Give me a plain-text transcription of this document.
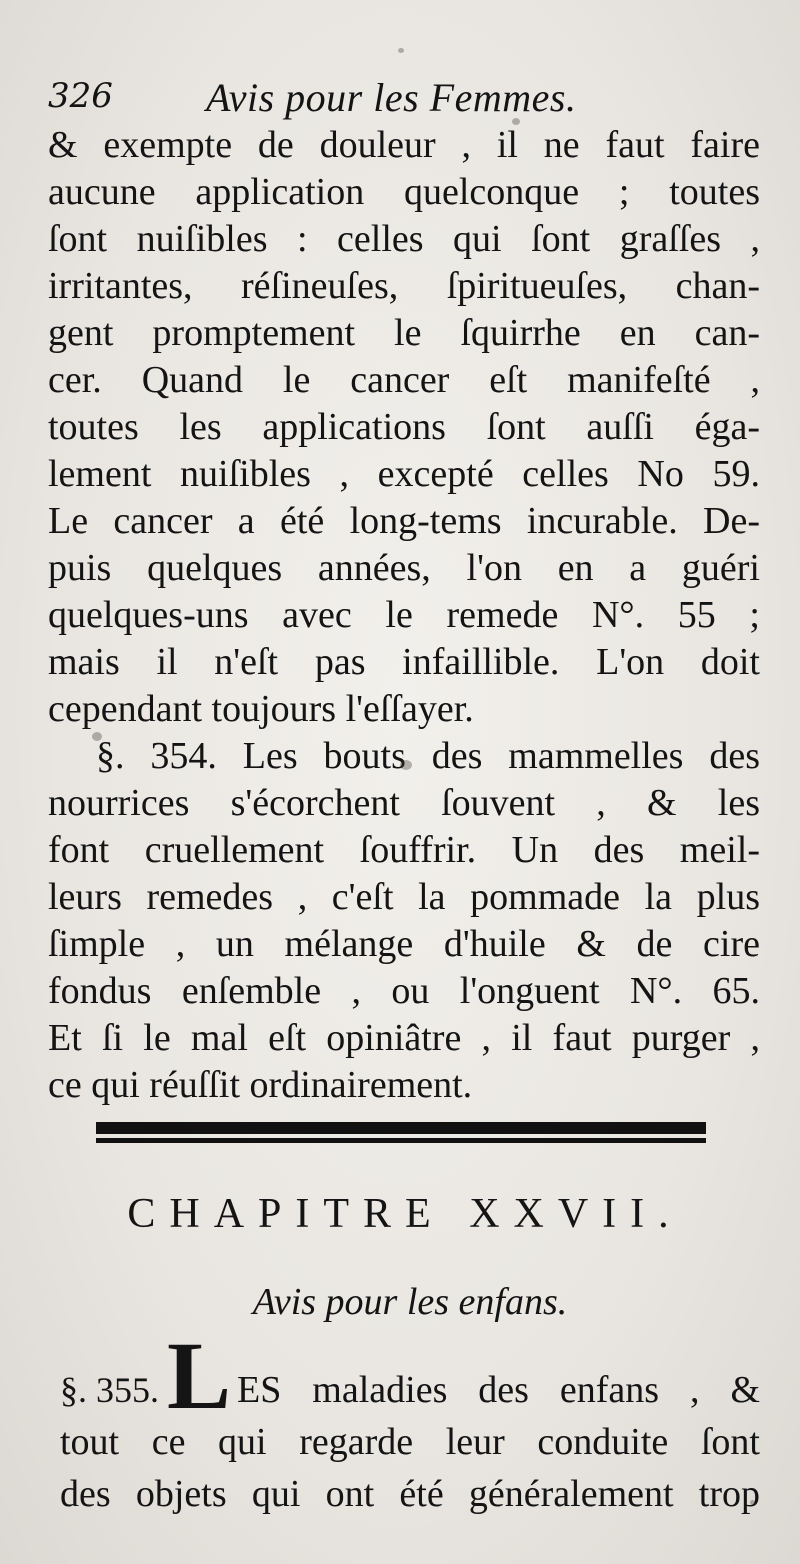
326 Avis pour les Femmes.
& exempte de douleur , il ne faut faire
aucune application quelconque ; toutes
ſont nuiſibles : celles qui ſont graſſes ,
irritantes, réſineuſes, ſpiritueuſes, chan-
gent promptement le ſquirrhe en can-
cer. Quand le cancer eſt manifeſté ,
toutes les applications ſont auſſi éga-
lement nuiſibles , excepté celles No 59.
Le cancer a été long-tems incurable. De-
puis quelques années, l'on en a guéri
quelques-uns avec le remede N°. 55 ;
mais il n'eſt pas infaillible. L'on doit
cependant toujours l'eſſayer.
§. 354. Les bouts des mammelles des
nourrices s'écorchent ſouvent , & les
font cruellement ſouffrir. Un des meil-
leurs remedes , c'eſt la pommade la plus
ſimple , un mélange d'huile & de cire
fondus enſemble , ou l'onguent N°. 65.
Et ſi le mal eſt opiniâtre , il faut purger ,
ce qui réuſſit ordinairement.
CHAPITRE XXVII.
Avis pour les enfans.
§. 355. L ES maladies des enfans , &
tout ce qui regarde leur conduite ſont
des objets qui ont été généralement trop
